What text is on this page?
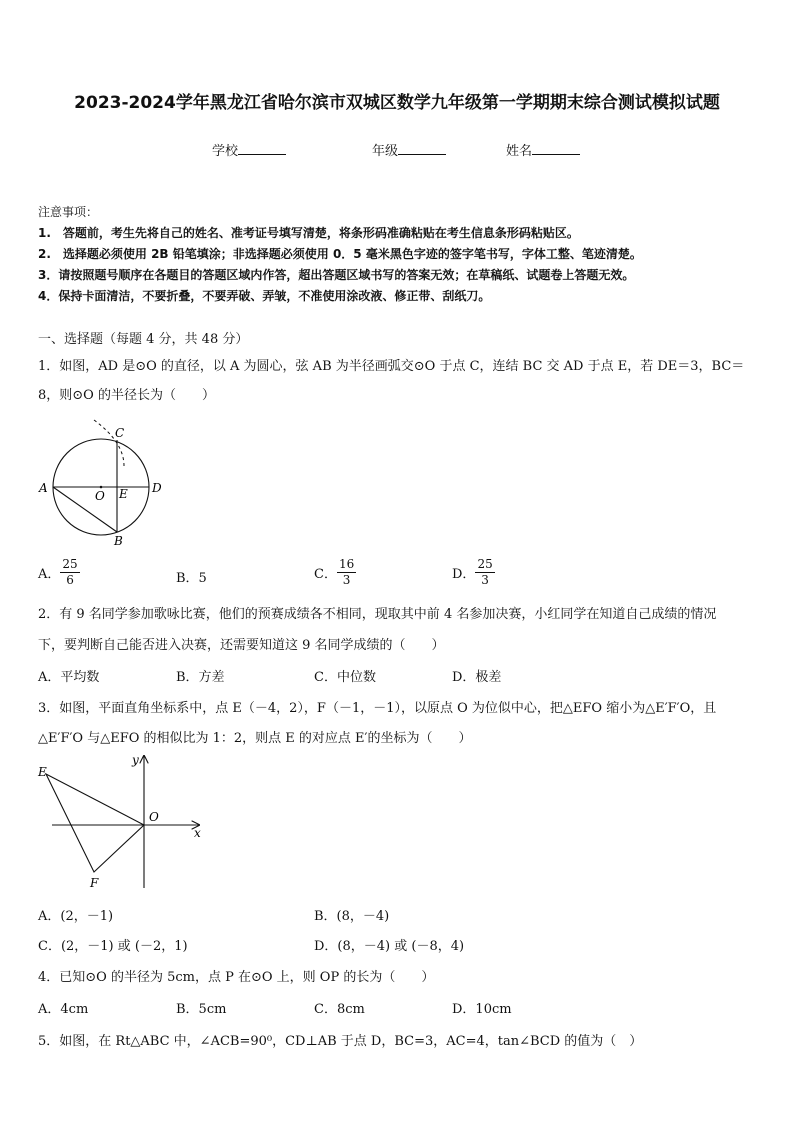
2023-2024学年黑龙江省哈尔滨市双城区数学九年级第一学期期末综合测试模拟试题
学校	年级	姓名
注意事项：
1.　答题前，考生先将自己的姓名、准考证号填写清楚，将条形码准确粘贴在考生信息条形码粘贴区。
2.　选择题必须使用 2B 铅笔填涂；非选择题必须使用 0．5 毫米黑色字迹的签字笔书写，字体工整、笔迹清楚。
3．请按照题号顺序在各题目的答题区域内作答，超出答题区域书写的答案无效；在草稿纸、试题卷上答题无效。
4．保持卡面清洁，不要折叠，不要弄破、弄皱，不准使用涂改液、修正带、刮纸刀。
一、选择题（每题 4 分，共 48 分）
1．如图，AD 是⊙O 的直径，以 A 为圆心，弦 AB 为半径画弧交⊙O 于点 C，连结 BC 交 AD 于点 E，若 DE＝3，BC＝
8，则⊙O 的半径长为（　　）
A
B
C
D
E
O
A． $\frac{25}{6}$	B．5	C． $\frac{16}{3}$	D． $\frac{25}{3}$
2．有 9 名同学参加歌咏比赛，他们的预赛成绩各不相同，现取其中前 4 名参加决赛，小红同学在知道自己成绩的情况
下，要判断自己能否进入决赛，还需要知道这 9 名同学成绩的（　　）
A．平均数	B．方差	C．中位数	D．极差
3．如图，平面直角坐标系中，点 E（－4，2），F（－1，－1），以原点 O 为位似中心，把△EFO 缩小为△E′F′O，且
△E′F′O 与△EFO 的相似比为 1：2，则点 E 的对应点 E′的坐标为（　　）
E
F
O
x
y
A．(2，－1)	B．(8，－4)
C．(2，－1) 或 (－2，1)	D．(8，－4) 或 (－8，4)
4．已知⊙O 的半径为 5cm，点 P 在⊙O 上，则 OP 的长为（　　）
A．4cm	B．5cm	C．8cm	D．10cm
5．如图，在 Rt△ABC 中，∠ACB=90⁰，CD⊥AB 于点 D，BC=3，AC=4，tan∠BCD 的值为（　）
